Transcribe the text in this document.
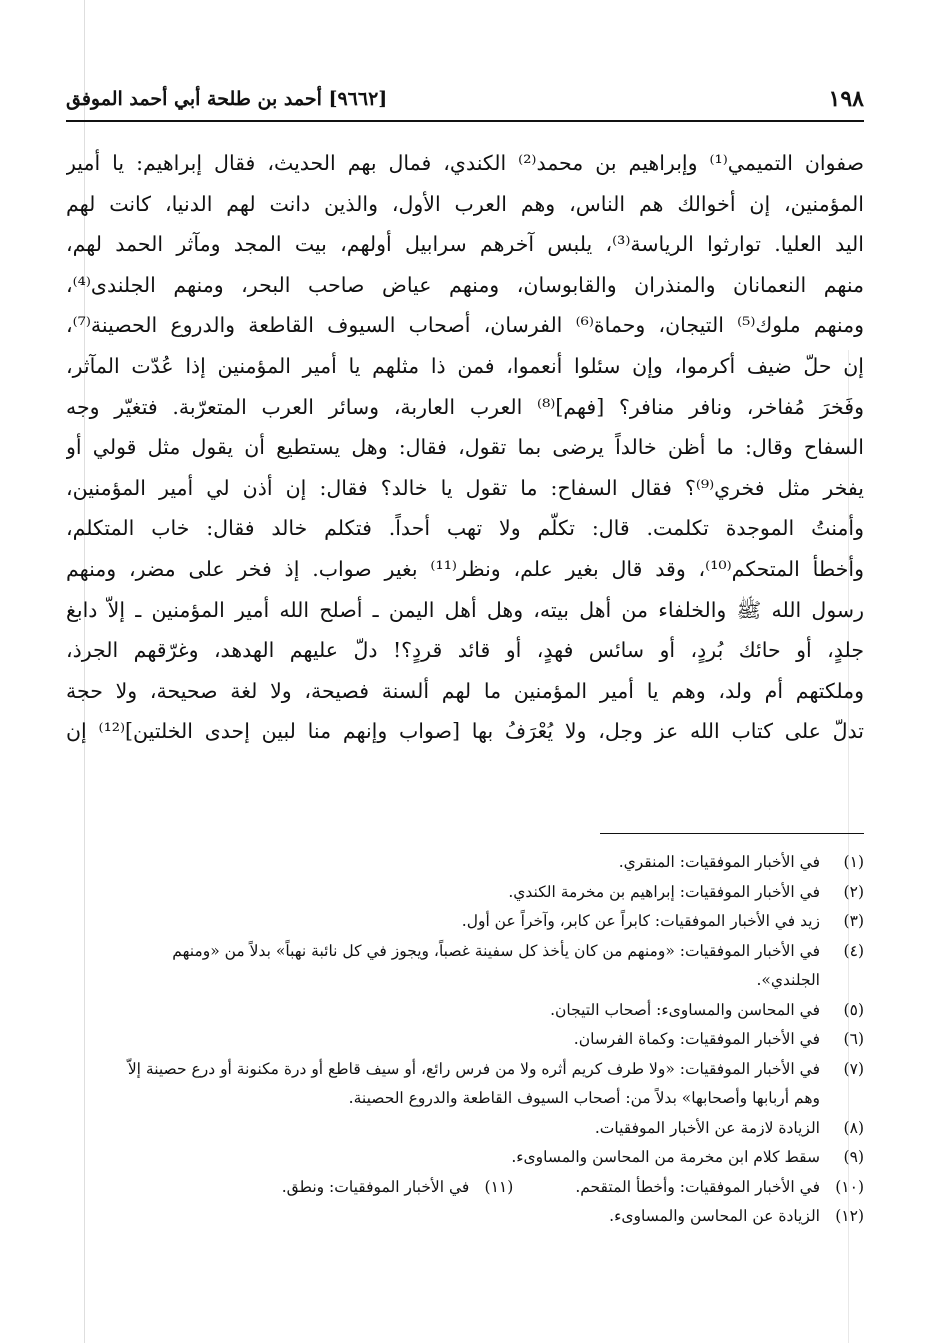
١٩٨
[٩٦٦٢] أحمد بن طلحة أبي أحمد الموفق
صفوان التميمي⁽¹⁾ وإبراهيم بن محمد⁽²⁾ الكندي، فمال بهم الحديث، فقال إبراهيم: يا أمير
المؤمنين، إن أخوالك هم الناس، وهم العرب الأول، والذين دانت لهم الدنيا، كانت لهم
اليد العليا. توارثوا الرياسة⁽³⁾، يلبس آخرهم سرابيل أولهم، بيت المجد ومآثر الحمد لهم،
منهم النعمانان والمنذران والقابوسان، ومنهم عياض صاحب البحر، ومنهم الجلندى⁽⁴⁾،
ومنهم ملوك⁽⁵⁾ التيجان، وحماة⁽⁶⁾ الفرسان، أصحاب السيوف القاطعة والدروع الحصينة⁽⁷⁾،
إن حلّ ضيف أكرموا، وإن سئلوا أنعموا، فمن ذا مثلهم يا أمير المؤمنين إذا عُدّت المآثر،
وفَخرَ مُفاخر، ونافر منافر؟ [فهم]⁽⁸⁾ العرب العاربة، وسائر العرب المتعرّبة. فتغيّر وجه
السفاح وقال: ما أظن خالداً يرضى بما تقول، فقال: وهل يستطيع أن يقول مثل قولي أو
يفخر مثل فخري⁽⁹⁾؟ فقال السفاح: ما تقول يا خالد؟ فقال: إن أذن لي أمير المؤمنين،
وأمنتُ الموجدة تكلمت. قال: تكلّم ولا تهب أحداً. فتكلم خالد فقال: خاب المتكلم،
وأخطأ المتحكم⁽¹⁰⁾، وقد قال بغير علم، ونظر⁽¹¹⁾ بغير صواب. إذ فخر على مضر، ومنهم
رسول الله ﷺ والخلفاء من أهل بيته، وهل أهل اليمن ـ أصلح الله أمير المؤمنين ـ إلاّ دابغ
جلدٍ، أو حائك بُردٍ، أو سائس فهدٍ، أو قائد قردٍ؟! دلّ عليهم الهدهد، وغرّقهم الجرذ،
وملكتهم أم ولد، وهم يا أمير المؤمنين ما لهم ألسنة فصيحة، ولا لغة صحيحة، ولا حجة
تدلّ على كتاب الله عز وجل، ولا يُعْرَفُ بها [صواب وإنهم منا لبين إحدى الخلتين]⁽¹²⁾ إن
(١)
في الأخبار الموفقيات: المنقري.
(٢)
في الأخبار الموفقيات: إبراهيم بن مخرمة الكندي.
(٣)
زيد في الأخبار الموفقيات: كابراً عن كابر، وآخراً عن أول.
(٤)
في الأخبار الموفقيات: «ومنهم من كان يأخذ كل سفينة غصباً، ويجوز في كل نائبة نهباً» بدلاً من «ومنهم
الجلندي».
(٥)
في المحاسن والمساوىء: أصحاب التيجان.
(٦)
في الأخبار الموفقيات: وكماة الفرسان.
(٧)
في الأخبار الموفقيات: «ولا طرف كريم أثره ولا من فرس رائع، أو سيف قاطع أو درة مكنونة أو درع حصينة إلاّ
وهم أربابها وأصحابها» بدلاً من: أصحاب السيوف القاطعة والدروع الحصينة.
(٨)
الزيادة لازمة عن الأخبار الموفقيات.
(٩)
سقط كلام ابن مخرمة من المحاسن والمساوىء.
(١٠)
في الأخبار الموفقيات: وأخطأ المتقحم.
(١١)
في الأخبار الموفقيات: ونطق.
(١٢)
الزيادة عن المحاسن والمساوىء.
